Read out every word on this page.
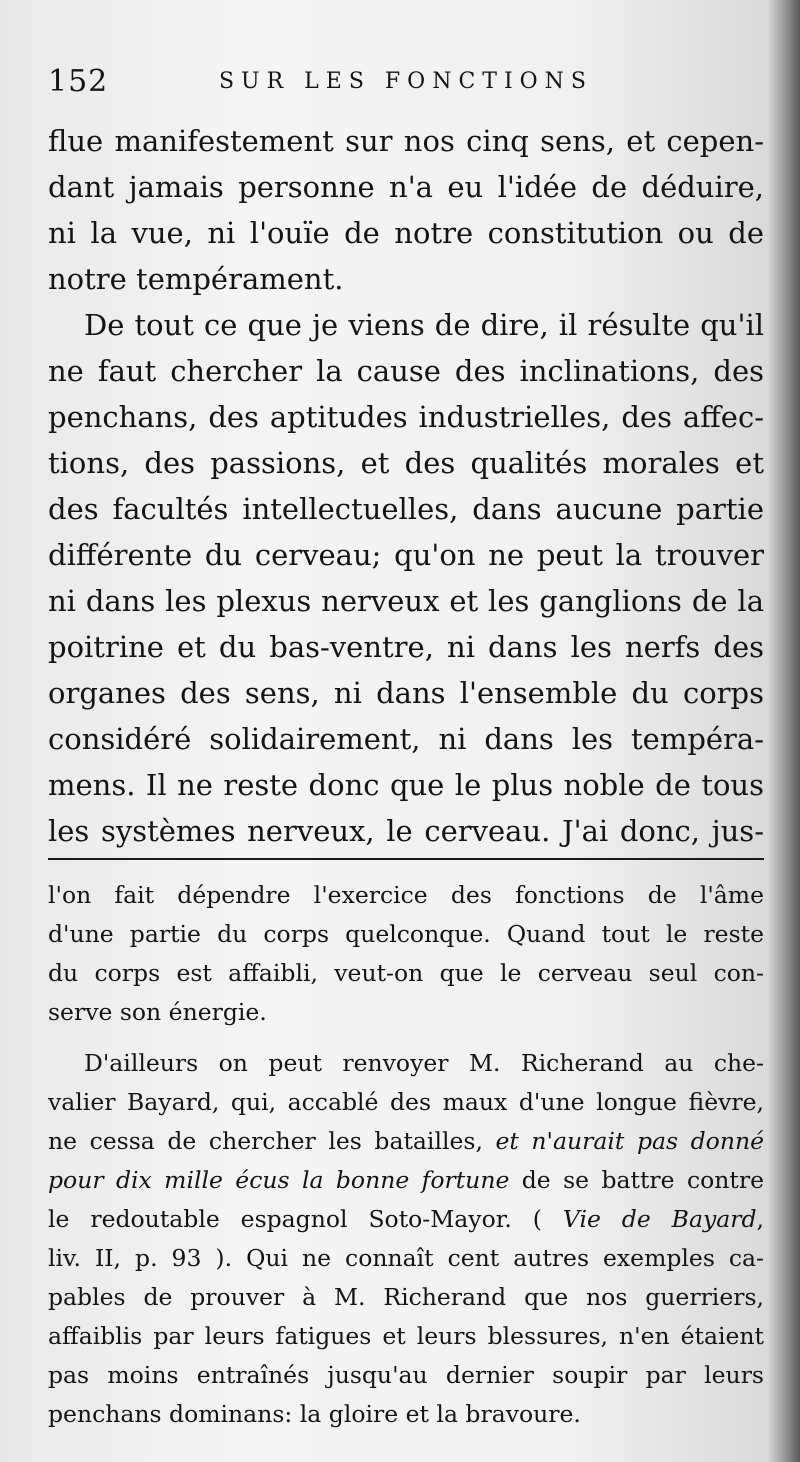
152	SUR LES FONCTIONS
flue manifestement sur nos cinq sens, et cepen-
dant jamais personne n'a eu l'idée de déduire,
ni la vue, ni l'ouïe de notre constitution ou de
notre tempérament.
De tout ce que je viens de dire, il résulte qu'il
ne faut chercher la cause des inclinations, des
penchans, des aptitudes industrielles, des affec-
tions, des passions, et des qualités morales et
des facultés intellectuelles, dans aucune partie
différente du cerveau; qu'on ne peut la trouver
ni dans les plexus nerveux et les ganglions de la
poitrine et du bas-ventre, ni dans les nerfs des
organes des sens, ni dans l'ensemble du corps
considéré solidairement, ni dans les tempéra-
mens. Il ne reste donc que le plus noble de tous
les systèmes nerveux, le cerveau. J'ai donc, jus-
l'on fait dépendre l'exercice des fonctions de l'âme
d'une partie du corps quelconque. Quand tout le reste
du corps est affaibli, veut-on que le cerveau seul con-
serve son énergie.
D'ailleurs on peut renvoyer M. Richerand au che-
valier Bayard, qui, accablé des maux d'une longue fièvre,
ne cessa de chercher les batailles, et n'aurait pas donné
pour dix mille écus la bonne fortune de se battre contre
le redoutable espagnol Soto-Mayor. ( Vie de Bayard,
liv. II, p. 93 ). Qui ne connaît cent autres exemples ca-
pables de prouver à M. Richerand que nos guerriers,
affaiblis par leurs fatigues et leurs blessures, n'en étaient
pas moins entraînés jusqu'au dernier soupir par leurs
penchans dominans: la gloire et la bravoure.
